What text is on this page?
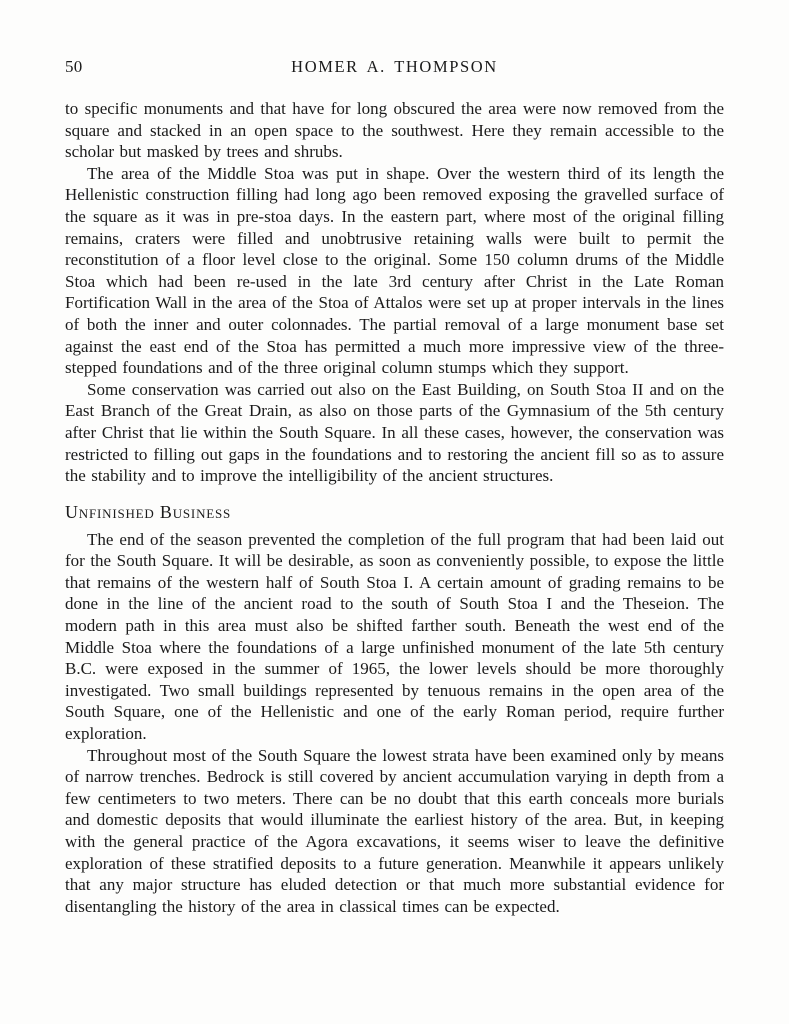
50	HOMER A. THOMPSON

to specific monuments and that have for long obscured the area were now removed from the square and stacked in an open space to the southwest. Here they remain accessible to the scholar but masked by trees and shrubs.

The area of the Middle Stoa was put in shape. Over the western third of its length the Hellenistic construction filling had long ago been removed exposing the gravelled surface of the square as it was in pre-stoa days. In the eastern part, where most of the original filling remains, craters were filled and unobtrusive retaining walls were built to permit the reconstitution of a floor level close to the original. Some 150 column drums of the Middle Stoa which had been re-used in the late 3rd century after Christ in the Late Roman Fortification Wall in the area of the Stoa of Attalos were set up at proper intervals in the lines of both the inner and outer colonnades. The partial removal of a large monument base set against the east end of the Stoa has permitted a much more impressive view of the three-stepped foundations and of the three original column stumps which they support.

Some conservation was carried out also on the East Building, on South Stoa II and on the East Branch of the Great Drain, as also on those parts of the Gymnasium of the 5th century after Christ that lie within the South Square. In all these cases, however, the conservation was restricted to filling out gaps in the foundations and to restoring the ancient fill so as to assure the stability and to improve the intelligibility of the ancient structures.

Unfinished Business

The end of the season prevented the completion of the full program that had been laid out for the South Square. It will be desirable, as soon as conveniently possible, to expose the little that remains of the western half of South Stoa I. A certain amount of grading remains to be done in the line of the ancient road to the south of South Stoa I and the Theseion. The modern path in this area must also be shifted farther south. Beneath the west end of the Middle Stoa where the foundations of a large unfinished monument of the late 5th century B.C. were exposed in the summer of 1965, the lower levels should be more thoroughly investigated. Two small buildings represented by tenuous remains in the open area of the South Square, one of the Hellenistic and one of the early Roman period, require further exploration.

Throughout most of the South Square the lowest strata have been examined only by means of narrow trenches. Bedrock is still covered by ancient accumulation varying in depth from a few centimeters to two meters. There can be no doubt that this earth conceals more burials and domestic deposits that would illuminate the earliest history of the area. But, in keeping with the general practice of the Agora excavations, it seems wiser to leave the definitive exploration of these stratified deposits to a future generation. Meanwhile it appears unlikely that any major structure has eluded detection or that much more substantial evidence for disentangling the history of the area in classical times can be expected.
